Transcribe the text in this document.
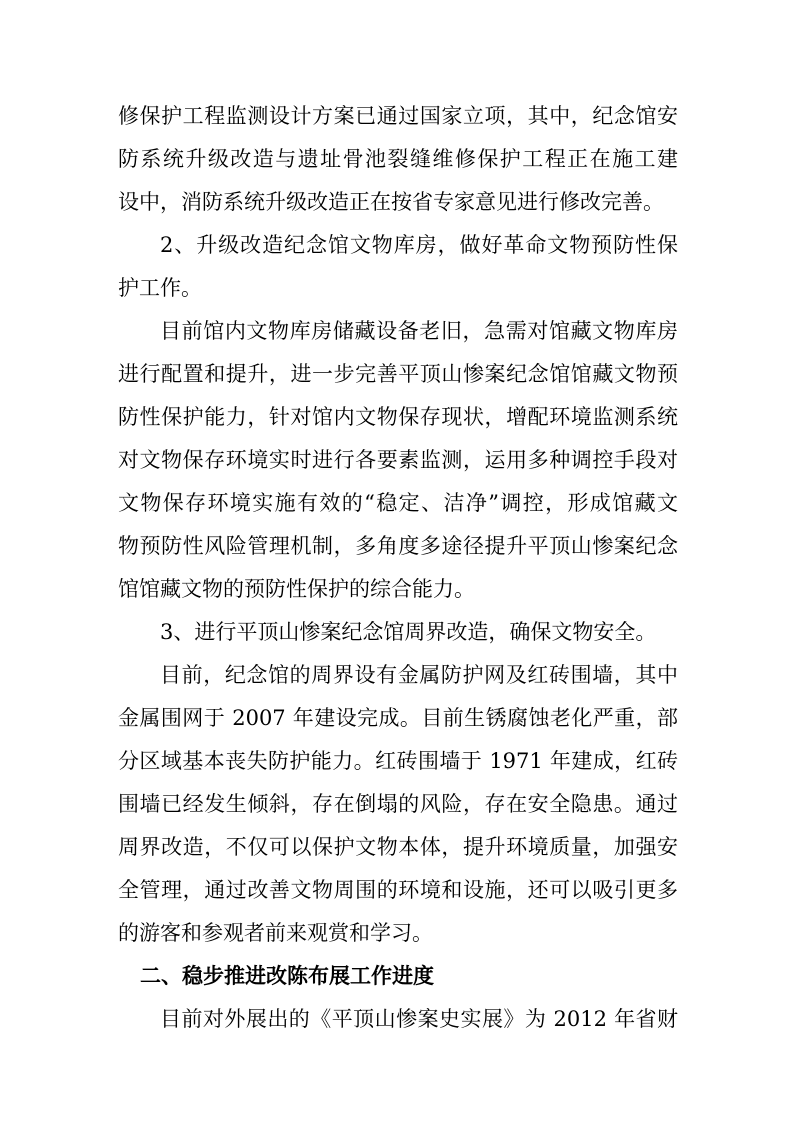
修保护工程监测设计方案已通过国家立项，其中，纪念馆安
防系统升级改造与遗址骨池裂缝维修保护工程正在施工建
设中，消防系统升级改造正在按省专家意见进行修改完善。
2、升级改造纪念馆文物库房，做好革命文物预防性保
护工作。
目前馆内文物库房储藏设备老旧，急需对馆藏文物库房
进行配置和提升，进一步完善平顶山惨案纪念馆馆藏文物预
防性保护能力，针对馆内文物保存现状，增配环境监测系统
对文物保存环境实时进行各要素监测，运用多种调控手段对
文物保存环境实施有效的“稳定、洁净”调控，形成馆藏文
物预防性风险管理机制，多角度多途径提升平顶山惨案纪念
馆馆藏文物的预防性保护的综合能力。
3、进行平顶山惨案纪念馆周界改造，确保文物安全。
目前，纪念馆的周界设有金属防护网及红砖围墙，其中
金属围网于 2007 年建设完成。目前生锈腐蚀老化严重，部
分区域基本丧失防护能力。红砖围墙于 1971 年建成，红砖
围墙已经发生倾斜，存在倒塌的风险，存在安全隐患。通过
周界改造，不仅可以保护文物本体，提升环境质量，加强安
全管理，通过改善文物周围的环境和设施，还可以吸引更多
的游客和参观者前来观赏和学习。
二、稳步推进改陈布展工作进度
目前对外展出的《平顶山惨案史实展》为 2012 年省财
